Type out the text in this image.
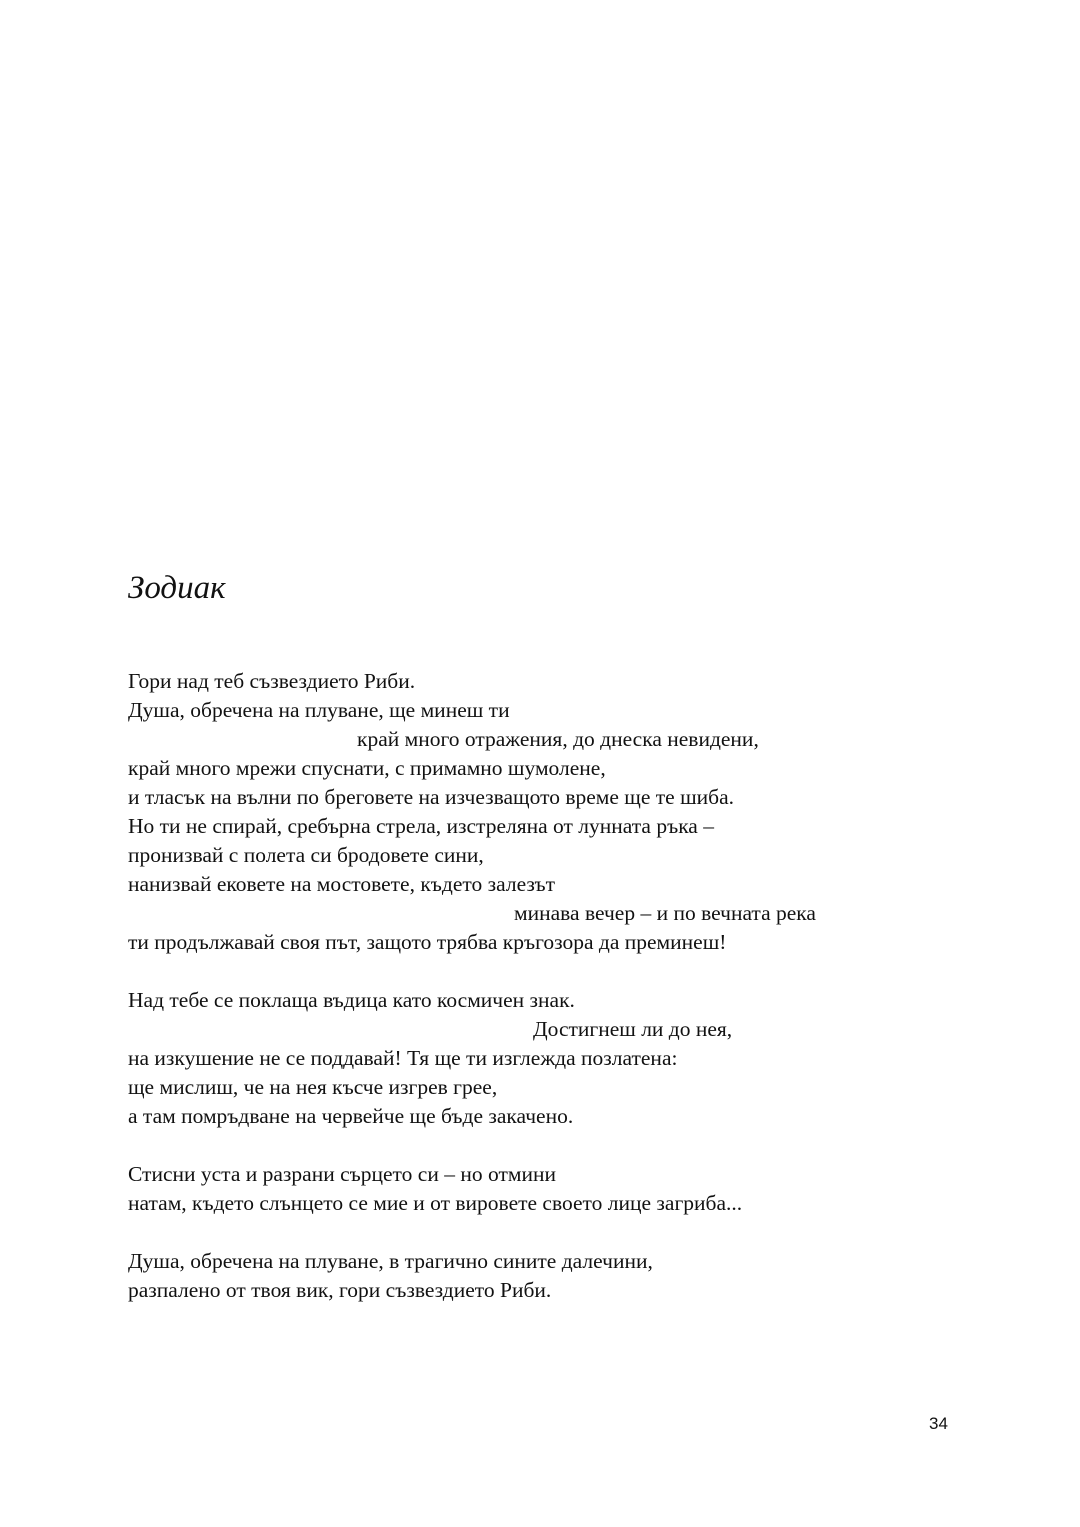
Зодиак
Гори над теб съзвездието Риби.
Душа, обречена на плуване, ще минеш ти
край много отражения, до днеска невидени,
край много мрежи спуснати, с примамно шумолене,
и тласък на вълни по бреговете на изчезващото време ще те шиба.
Но ти не спирай, сребърна стрела, изстреляна от лунната ръка –
пронизвай с полета си бродовете сини,
нанизвай ековете на мостовете, където залезът
минава вечер – и по вечната река
ти продължавай своя път, защото трябва кръгозора да преминеш!
Над тебе се поклаща въдица като космичен знак.
Достигнеш ли до нея,
на изкушение не се поддавай! Тя ще ти изглежда позлатена:
ще мислиш, че на нея късче изгрев грее,
а там помръдване на червейче ще бъде закачено.
Стисни уста и разрани сърцето си – но отмини
натам, където слънцето се мие и от вировете своето лице загриба...
Душа, обречена на плуване, в трагично сините далечини,
разпалено от твоя вик, гори съзвездието Риби.
34
